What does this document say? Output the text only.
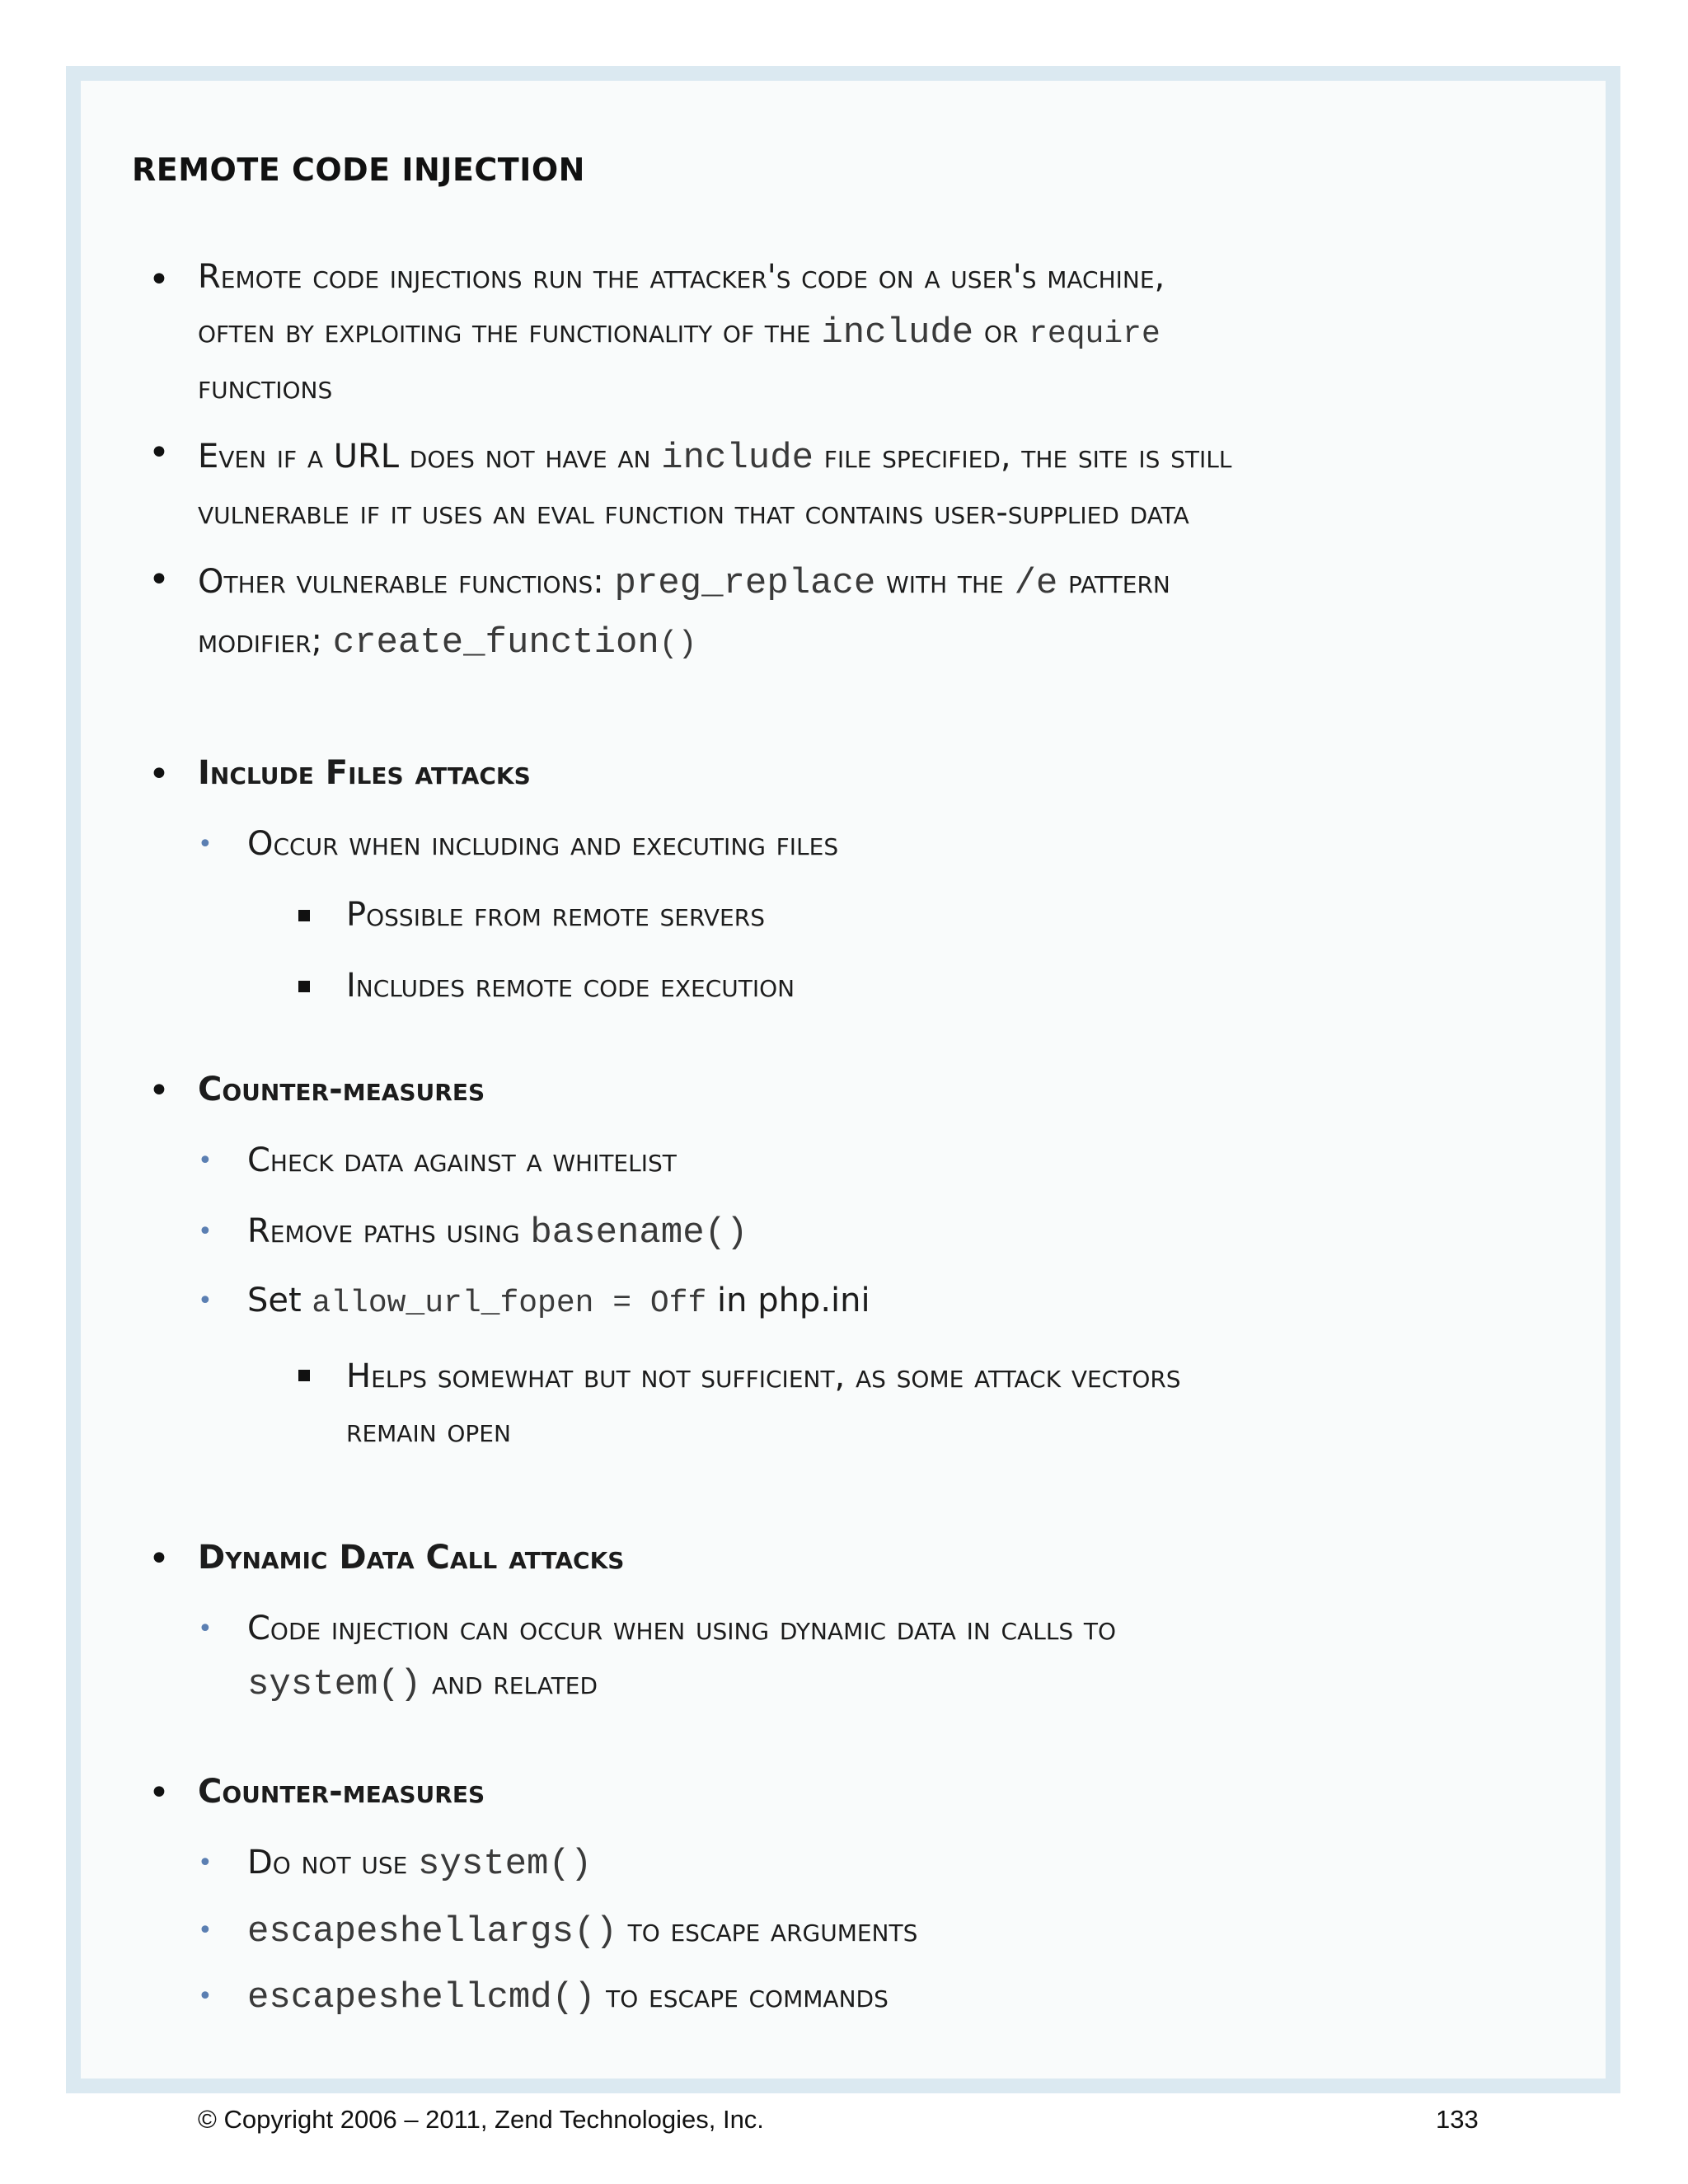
REMOTE CODE INJECTION
• Remote code injections run the attacker's code on a user's machine,
often by exploiting the functionality of the include or require
functions
• Even if a URL does not have an include file specified, the site is still
vulnerable if it uses an eval function that contains user-supplied data
• Other vulnerable functions: preg_replace with the /e pattern
modifier; create_function()
• Include Files attacks
• Occur when including and executing files
Possible from remote servers
Includes remote code execution
• Counter-measures
• Check data against a whitelist
• Remove paths using basename()
• Set allow_url_fopen = Off in php.ini
Helps somewhat but not sufficient, as some attack vectors
remain open
• Dynamic Data Call attacks
• Code injection can occur when using dynamic data in calls to
system() and related
• Counter-measures
• Do not use system()
• escapeshellargs() to escape arguments
• escapeshellcmd() to escape commands
© Copyright 2006 – 2011, Zend Technologies, Inc.	133
